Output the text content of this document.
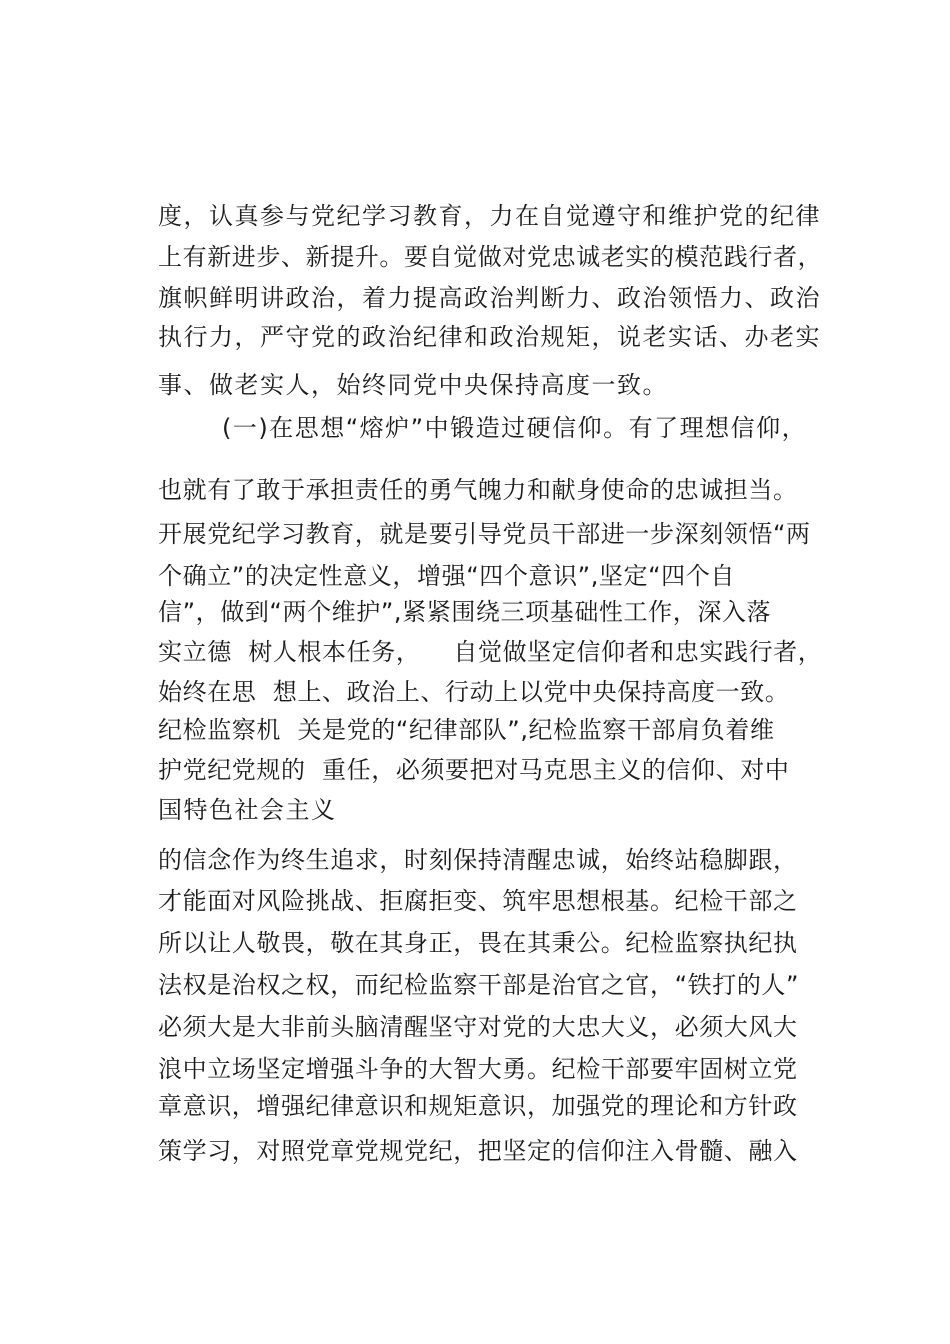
度，认真参与党纪学习教育，力在自觉遵守和维护党的纪律
上有新进步、新提升。要自觉做对党忠诚老实的模范践行者，
旗帜鲜明讲政治，着力提高政治判断力、政治领悟力、政治
执行力，严守党的政治纪律和政治规矩，说老实话、办老实
事、做老实人，始终同党中央保持高度一致。
(一)在思想“熔炉”中锻造过硬信仰。有了理想信仰，
也就有了敢于承担责任的勇气魄力和献身使命的忠诚担当。
开展党纪学习教育，就是要引导党员干部进一步深刻领悟“两
个确立”的决定性意义，增强“四个意识”,坚定“四个自
信”，做到“两个维护”,紧紧围绕三项基础性工作，深入落
实立德  树人根本任务，    自觉做坚定信仰者和忠实践行者，
始终在思  想上、政治上、行动上以党中央保持高度一致。
纪检监察机  关是党的“纪律部队”,纪检监察干部肩负着维
护党纪党规的  重任，必须要把对马克思主义的信仰、对中
国特色社会主义
的信念作为终生追求，时刻保持清醒忠诚，始终站稳脚跟，
才能面对风险挑战、拒腐拒变、筑牢思想根基。纪检干部之
所以让人敬畏，敬在其身正，畏在其秉公。纪检监察执纪执
法权是治权之权，而纪检监察干部是治官之官，“铁打的人”
必须大是大非前头脑清醒坚守对党的大忠大义，必须大风大
浪中立场坚定增强斗争的大智大勇。纪检干部要牢固树立党
章意识，增强纪律意识和规矩意识，加强党的理论和方针政
策学习，对照党章党规党纪，把坚定的信仰注入骨髓、融入
